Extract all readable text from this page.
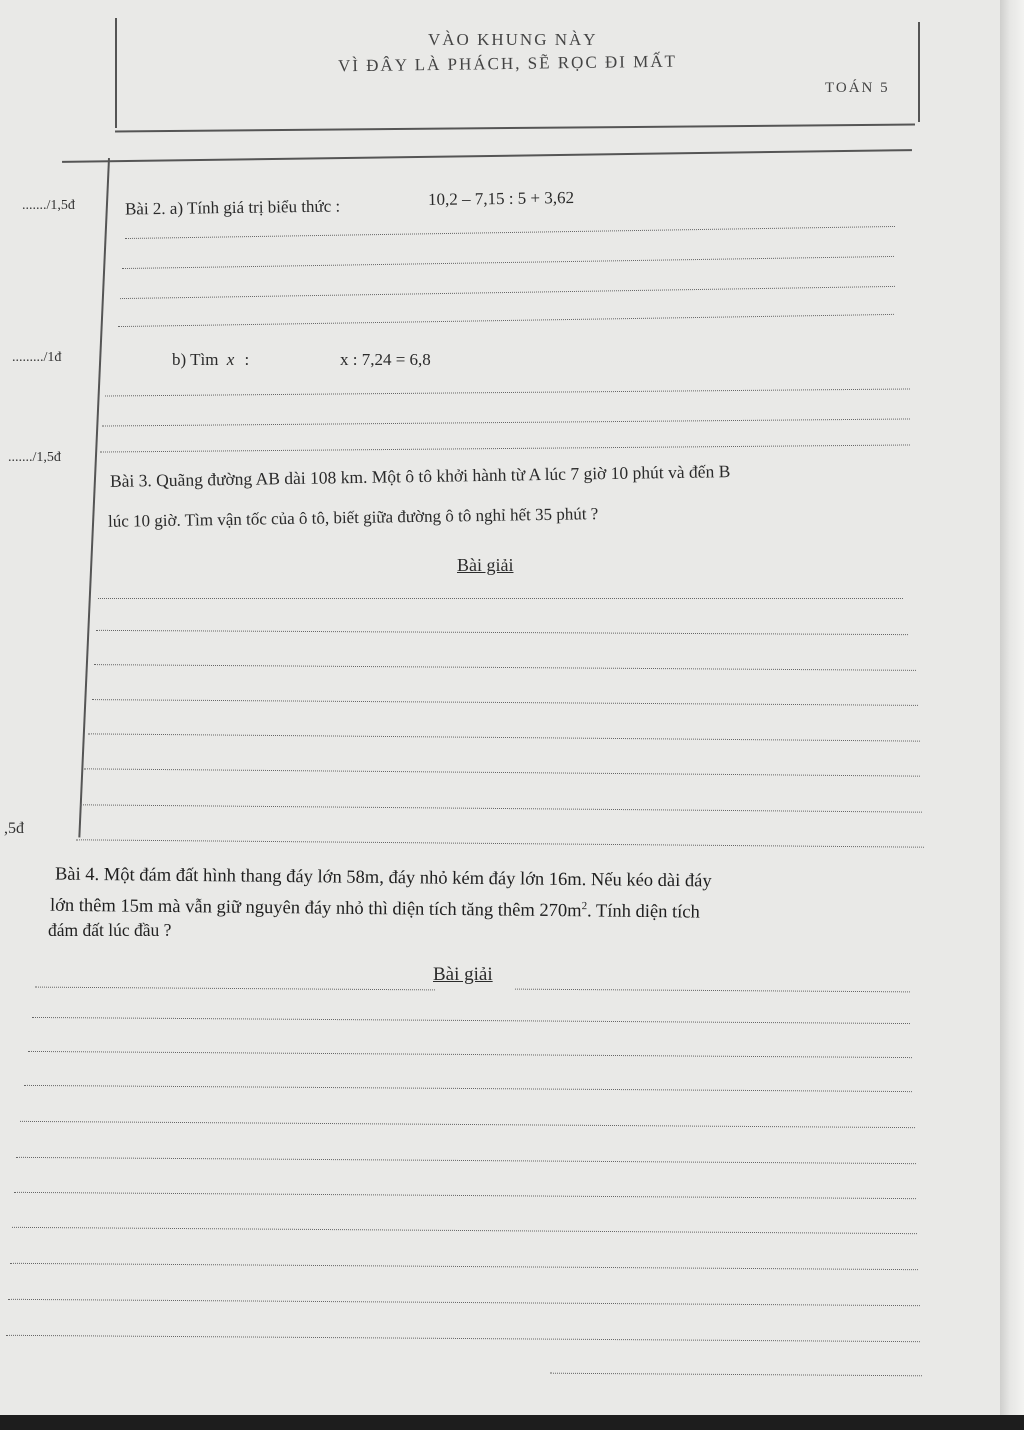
VÀO KHUNG NÀY
VÌ ĐÂY LÀ PHÁCH, SẼ RỌC ĐI MẤT
TOÁN 5
......./1,5đ
........./1đ
......./1,5đ
,5đ
Bài 2. a) Tính giá trị biểu thức :	10,2 – 7,15 : 5 + 3,62
b) Tìm x :	x : 7,24 = 6,8
Bài 3. Quãng đường AB dài 108 km. Một ô tô khởi hành từ A lúc 7 giờ 10 phút và đến B
lúc 10 giờ. Tìm vận tốc của ô tô, biết giữa đường ô tô nghỉ hết 35 phút ?
Bài giải
Bài 4. Một đám đất hình thang đáy lớn 58m, đáy nhỏ kém đáy lớn 16m. Nếu kéo dài đáy
lớn thêm 15m mà vẫn giữ nguyên đáy nhỏ thì diện tích tăng thêm $270m^2$. Tính diện tích
đám đất lúc đầu ?
Bài giải
